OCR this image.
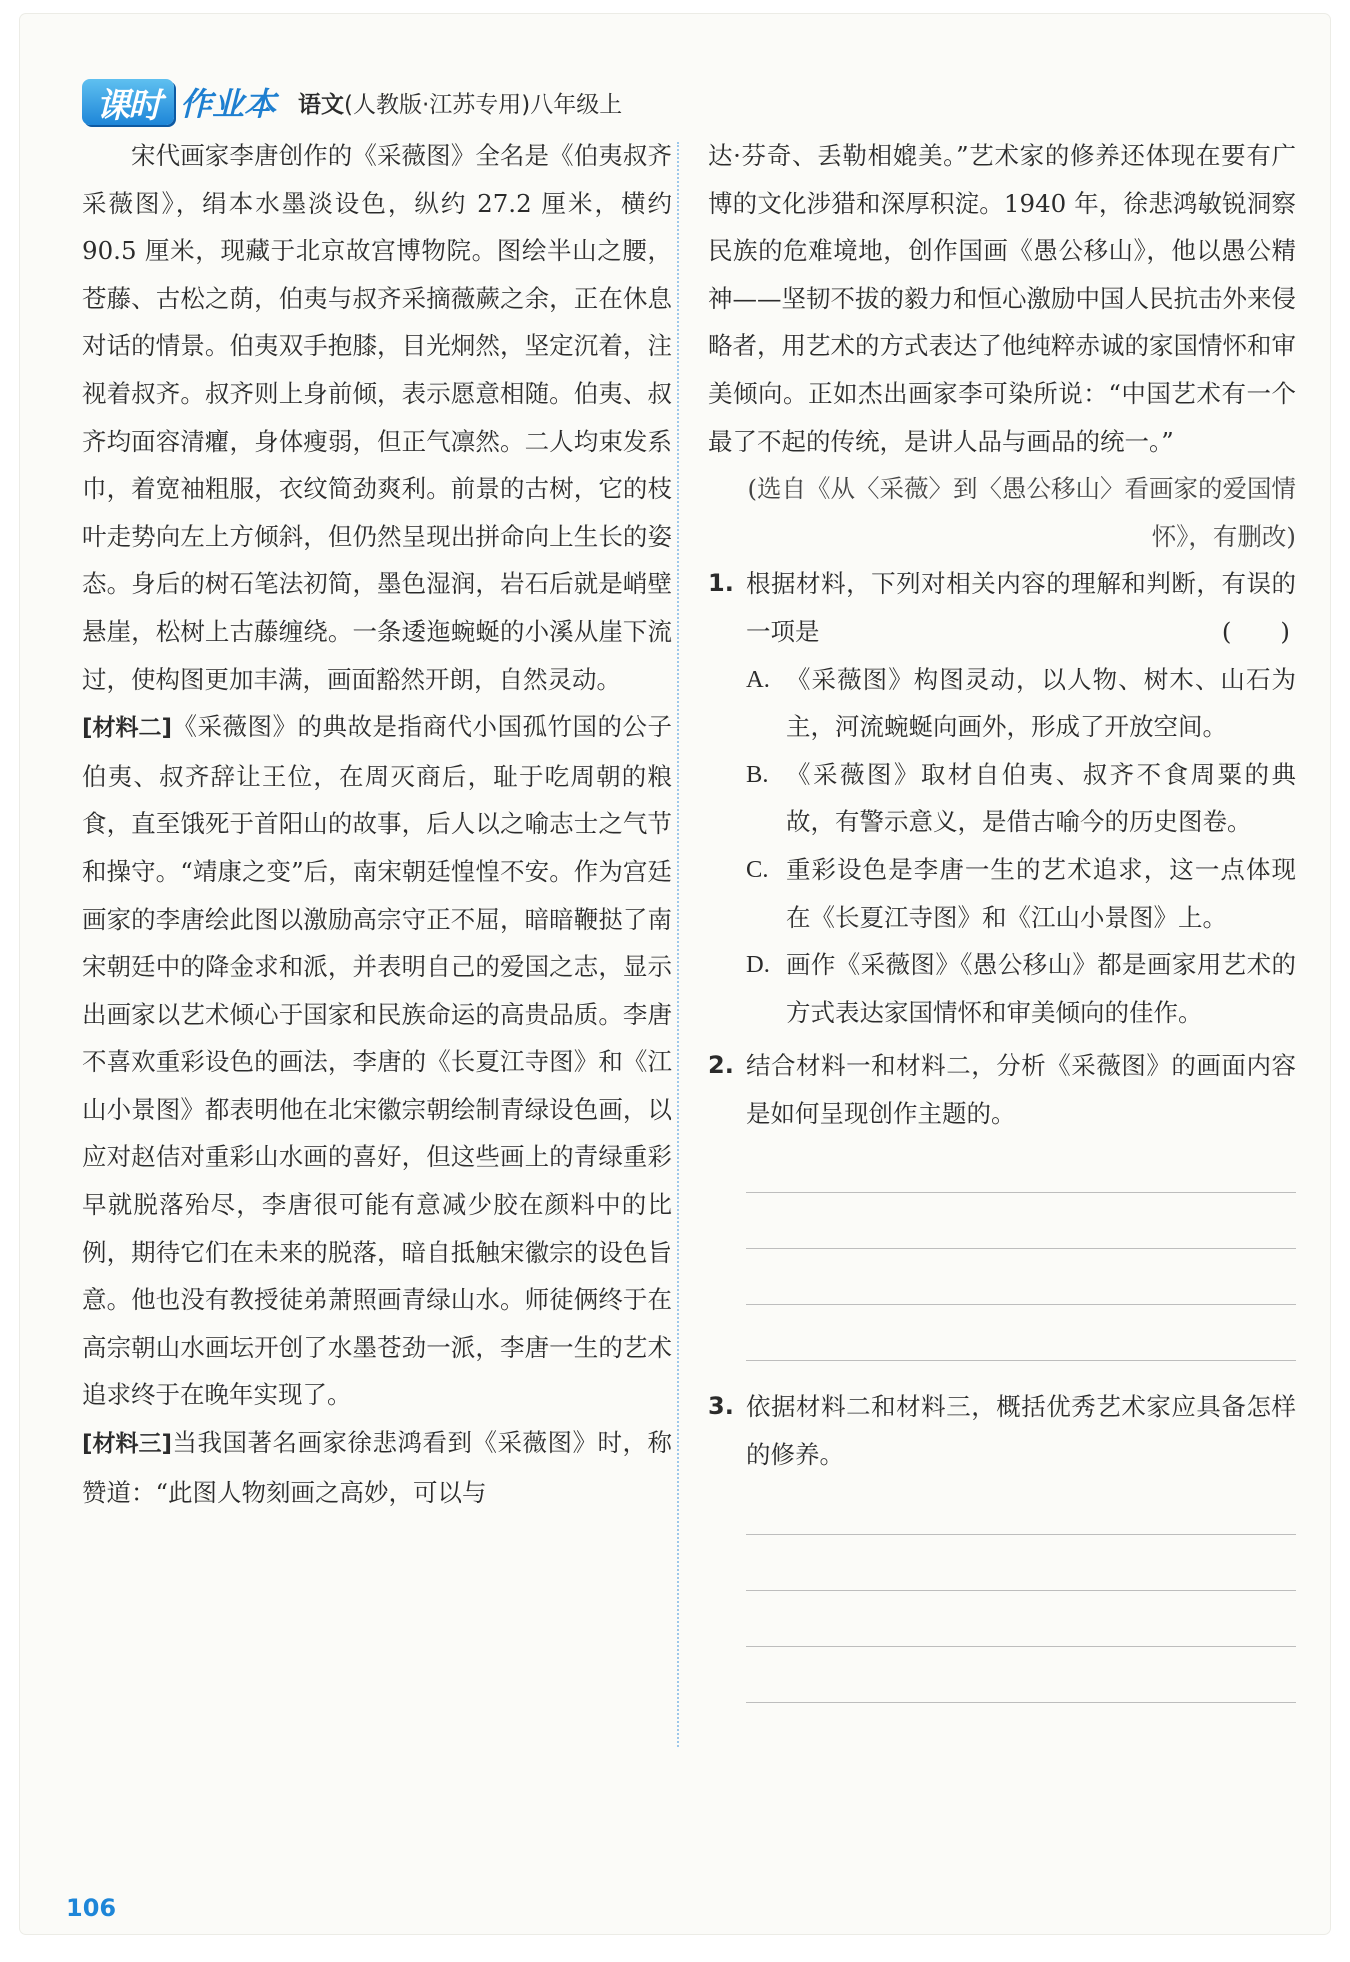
课时 作业本 语文(人教版·江苏专用)八年级上

宋代画家李唐创作的《采薇图》全名是《伯夷叔齐采薇图》，绢本水墨淡设色，纵约 27.2 厘米，横约 90.5 厘米，现藏于北京故宫博物院。图绘半山之腰，苍藤、古松之荫，伯夷与叔齐采摘薇蕨之余，正在休息对话的情景。伯夷双手抱膝，目光炯然，坚定沉着，注视着叔齐。叔齐则上身前倾，表示愿意相随。伯夷、叔齐均面容清癯，身体瘦弱，但正气凛然。二人均束发系巾，着宽袖粗服，衣纹简劲爽利。前景的古树，它的枝叶走势向左上方倾斜，但仍然呈现出拼命向上生长的姿态。身后的树石笔法初简，墨色湿润，岩石后就是峭壁悬崖，松树上古藤缠绕。一条逶迤蜿蜒的小溪从崖下流过，使构图更加丰满，画面豁然开朗，自然灵动。

[材料二]《采薇图》的典故是指商代小国孤竹国的公子伯夷、叔齐辞让王位，在周灭商后，耻于吃周朝的粮食，直至饿死于首阳山的故事，后人以之喻志士之气节和操守。“靖康之变”后，南宋朝廷惶惶不安。作为宫廷画家的李唐绘此图以激励高宗守正不屈，暗暗鞭挞了南宋朝廷中的降金求和派，并表明自己的爱国之志，显示出画家以艺术倾心于国家和民族命运的高贵品质。李唐不喜欢重彩设色的画法，李唐的《长夏江寺图》和《江山小景图》都表明他在北宋徽宗朝绘制青绿设色画，以应对赵佶对重彩山水画的喜好，但这些画上的青绿重彩早就脱落殆尽，李唐很可能有意减少胶在颜料中的比例，期待它们在未来的脱落，暗自抵触宋徽宗的设色旨意。他也没有教授徒弟萧照画青绿山水。师徒俩终于在高宗朝山水画坛开创了水墨苍劲一派，李唐一生的艺术追求终于在晚年实现了。

[材料三]当我国著名画家徐悲鸿看到《采薇图》时，称赞道：“此图人物刻画之高妙，可以与

达·芬奇、丢勒相媲美。”艺术家的修养还体现在要有广博的文化涉猎和深厚积淀。1940 年，徐悲鸿敏锐洞察民族的危难境地，创作国画《愚公移山》，他以愚公精神——坚韧不拔的毅力和恒心激励中国人民抗击外来侵略者，用艺术的方式表达了他纯粹赤诚的家国情怀和审美倾向。正如杰出画家李可染所说：“中国艺术有一个最了不起的传统，是讲人品与画品的统一。”

(选自《从〈采薇〉到〈愚公移山〉看画家的爱国情怀》，有删改)

1. 根据材料，下列对相关内容的理解和判断，有误的一项是	(　　)
A. 《采薇图》构图灵动，以人物、树木、山石为主，河流蜿蜒向画外，形成了开放空间。
B. 《采薇图》取材自伯夷、叔齐不食周粟的典故，有警示意义，是借古喻今的历史图卷。
C. 重彩设色是李唐一生的艺术追求，这一点体现在《长夏江寺图》和《江山小景图》上。
D. 画作《采薇图》《愚公移山》都是画家用艺术的方式表达家国情怀和审美倾向的佳作。
2. 结合材料一和材料二，分析《采薇图》的画面内容是如何呈现创作主题的。
3. 依据材料二和材料三，概括优秀艺术家应具备怎样的修养。
106
